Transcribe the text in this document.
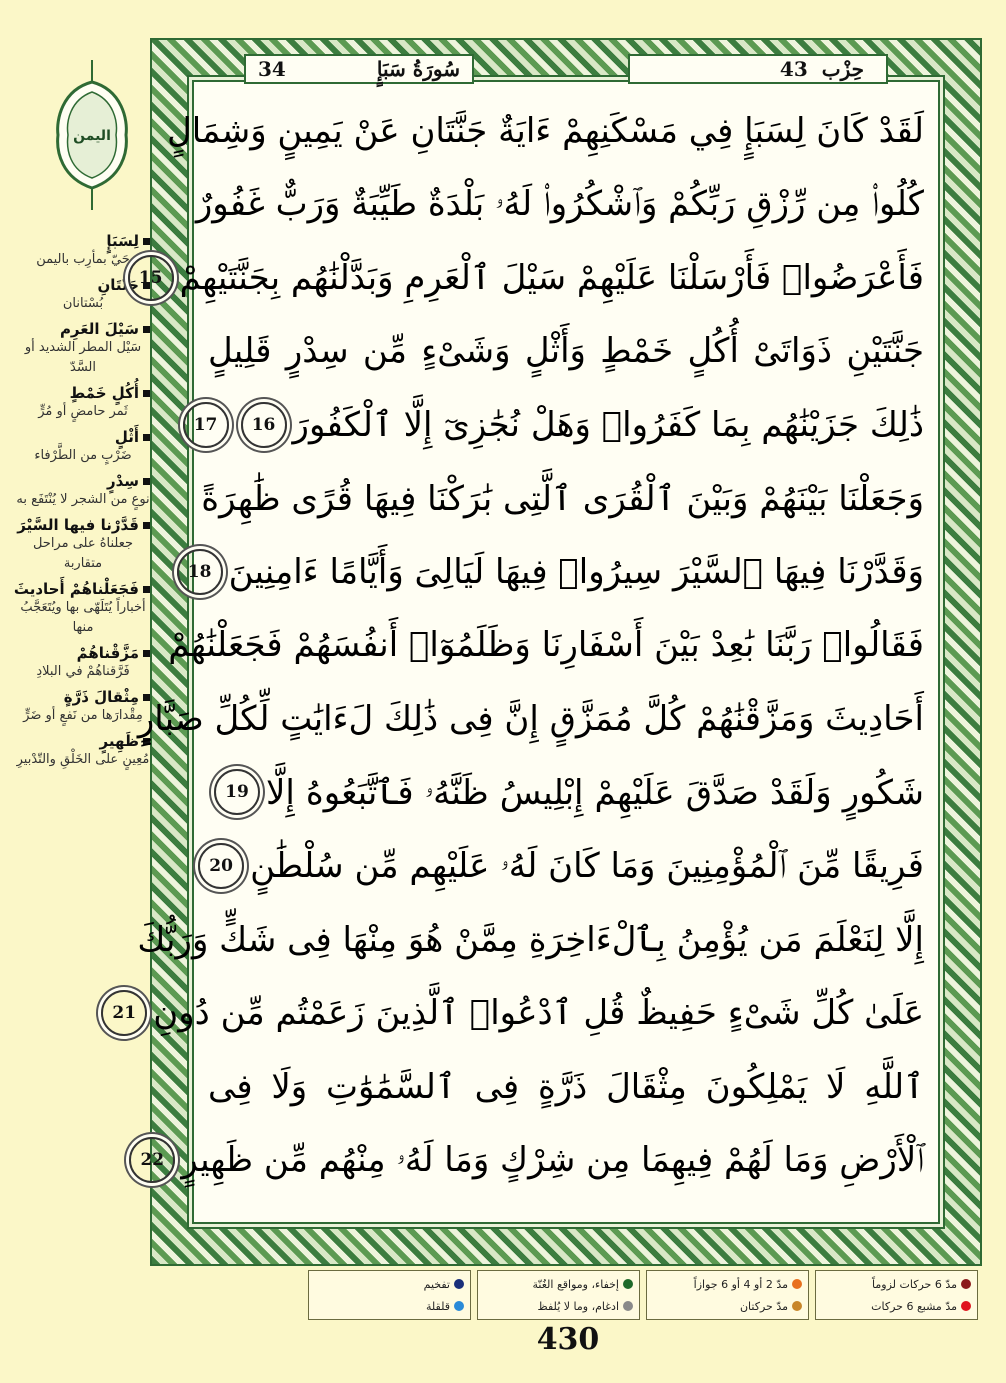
اليمن
لِسَبَإٍ
حَيّ بمأرِب باليمن
جَنَّتَانِ
بُسْتانان
سَيْلَ العَرِم
سَيْل المطر الشديد أو السَّدّ
أُكُلٍ خَمْطٍ
ثَمر حامضٍ أو مُرٍّ
أَثْلٍ
ضَرْبٍ من الطَّرْفاء
سِدْرٍ
نوعٍ من الشجر لا يُنْتَفَع به
قَدَّرْنا فيها السَّيْرَ
جعلناهُ على مراحل متقاربة
فَجَعَلْناهُمْ أَحاديثَ
أخباراً يُتَلَهّى بها ويُتَعَجَّبُ منها
مَزَّقْناهُمْ
فَرَّقناهُمْ في البلادِ
مِثْقالَ ذَرَّةٍ
مِقْدارَها من نَفعٍ أو ضَرٍّ
ظَهِيرٍ
مُعِينٍ على الخَلْقِ والتّدْبيرِ
34	سُورَةُ سَبَإٍ	حِزْب
43
لَقَدْ كَانَ لِسَبَإٍ فِي مَسْكَنِهِمْ ءَايَةٌ جَنَّتَانِ عَنْ يَمِينٍ وَشِمَالٍ
كُلُوا۟ مِن رِّزْقِ رَبِّكُمْ وَٱشْكُرُوا۟ لَهُۥ بَلْدَةٌ طَيِّبَةٌ وَرَبٌّ غَفُورٌ
فَأَعْرَضُوا۟ فَأَرْسَلْنَا عَلَيْهِمْ سَيْلَ ٱلْعَرِمِ وَبَدَّلْنَٰهُم بِجَنَّتَيْهِمْ
15
جَنَّتَيْنِ ذَوَاتَىْ أُكُلٍ خَمْطٍ وَأَثْلٍ وَشَىْءٍ مِّن سِدْرٍ قَلِيلٍ
ذَٰلِكَ جَزَيْنَٰهُم بِمَا كَفَرُوا۟ وَهَلْ نُجَٰزِىٓ إِلَّا ٱلْكَفُورَ
16
17
وَجَعَلْنَا بَيْنَهُمْ وَبَيْنَ ٱلْقُرَى ٱلَّتِى بَٰرَكْنَا فِيهَا قُرًى ظَٰهِرَةً
وَقَدَّرْنَا فِيهَا ٱلسَّيْرَ سِيرُوا۟ فِيهَا لَيَالِىَ وَأَيَّامًا ءَامِنِينَ
18
فَقَالُوا۟ رَبَّنَا بَٰعِدْ بَيْنَ أَسْفَارِنَا وَظَلَمُوٓا۟ أَنفُسَهُمْ فَجَعَلْنَٰهُمْ
أَحَادِيثَ وَمَزَّقْنَٰهُمْ كُلَّ مُمَزَّقٍ إِنَّ فِى ذَٰلِكَ لَءَايَٰتٍ لِّكُلِّ صَبَّارٍ
شَكُورٍ وَلَقَدْ صَدَّقَ عَلَيْهِمْ إِبْلِيسُ ظَنَّهُۥ فَٱتَّبَعُوهُ إِلَّا
19
فَرِيقًا مِّنَ ٱلْمُؤْمِنِينَ وَمَا كَانَ لَهُۥ عَلَيْهِم مِّن سُلْطَٰنٍ
20
إِلَّا لِنَعْلَمَ مَن يُؤْمِنُ بِٱلْءَاخِرَةِ مِمَّنْ هُوَ مِنْهَا فِى شَكٍّ وَرَبُّكَ
عَلَىٰ كُلِّ شَىْءٍ حَفِيظٌ قُلِ ٱدْعُوا۟ ٱلَّذِينَ زَعَمْتُم مِّن دُونِ
21
ٱللَّهِ لَا يَمْلِكُونَ مِثْقَالَ ذَرَّةٍ فِى ٱلسَّمَٰوَٰتِ وَلَا فِى
ٱلْأَرْضِ وَمَا لَهُمْ فِيهِمَا مِن شِرْكٍ وَمَا لَهُۥ مِنْهُم مِّن ظَهِيرٍ
22
مدّ 6 حركات لزوماً
مدّ مشبع 6 حركات
مدّ 2 أو 4 أو 6 جوازاً
مدّ حركتان
إخفاء، ومواقع الغُنّة
ادغام، وما لا يُلفظ
تفخيم
قلقلة
430
